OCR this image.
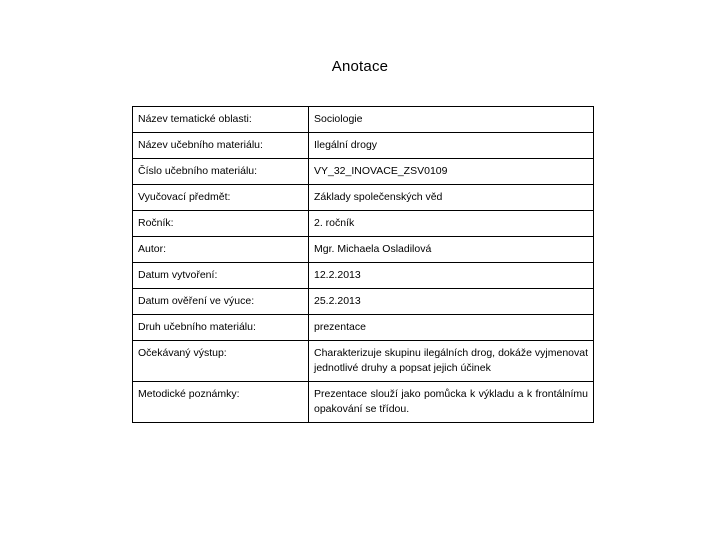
Anotace
Název tematické oblasti:	Sociologie
Název učebního materiálu:	Ilegální drogy
Číslo učebního materiálu:	VY_32_INOVACE_ZSV0109
Vyučovací předmět:	Základy společenských věd
Ročník:	2. ročník
Autor:	Mgr. Michaela Osladilová
Datum vytvoření:	12.2.2013
Datum ověření ve výuce:	25.2.2013
Druh učebního materiálu:	prezentace
Očekávaný výstup:	Charakterizuje skupinu ilegálních drog, dokáže vyjmenovat jednotlivé druhy a popsat jejich účinek
Metodické poznámky:	Prezentace slouží jako pomůcka k výkladu a k frontálnímu opakování se třídou.
